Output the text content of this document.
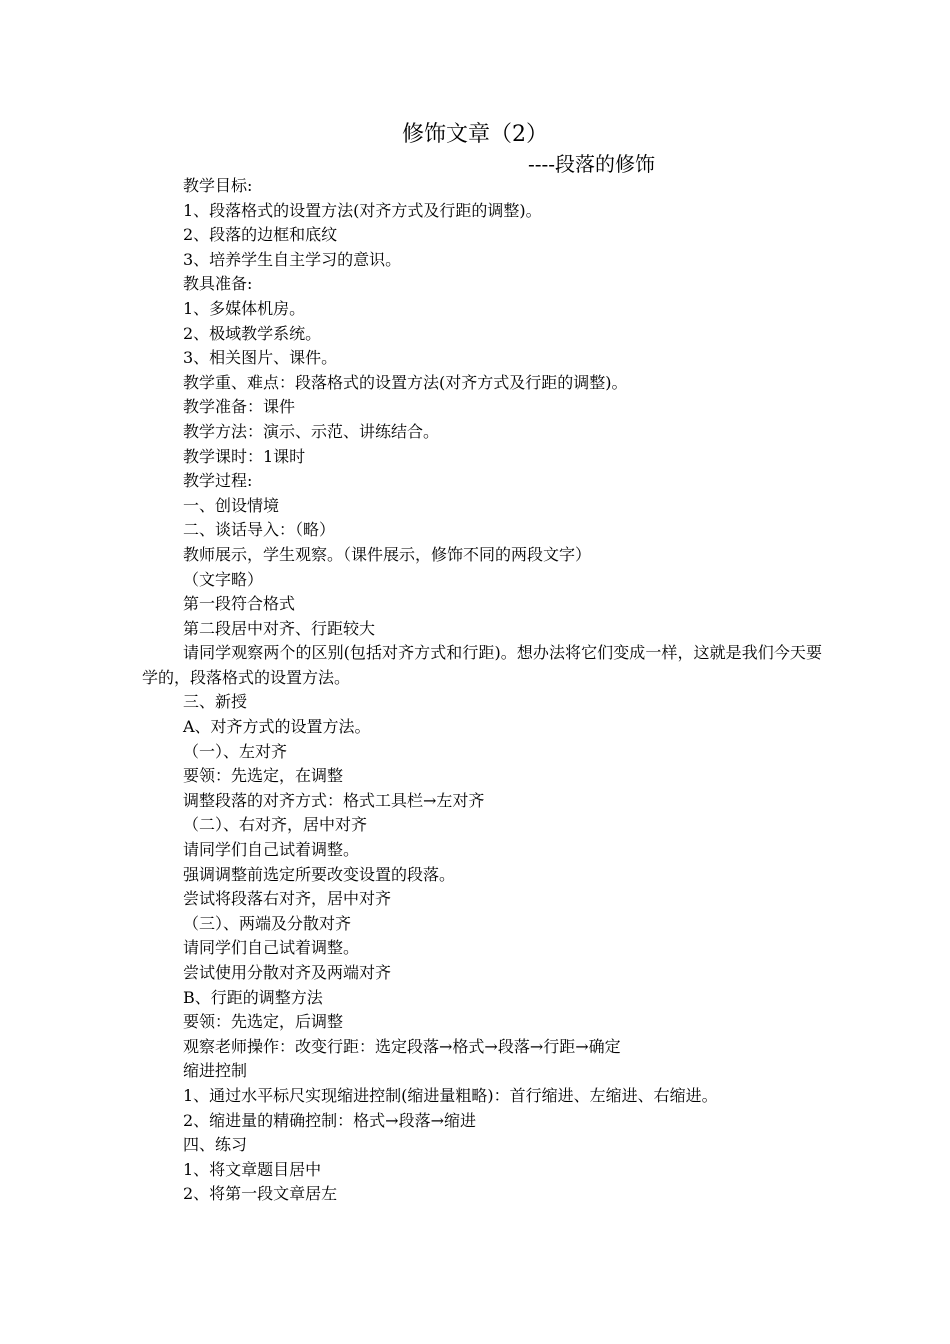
修饰文章（2）
----段落的修饰
教学目标:
1、段落格式的设置方法(对齐方式及行距的调整)。
2、段落的边框和底纹
3、培养学生自主学习的意识。
教具准备:
1、多媒体机房。
2、极域教学系统。
3、相关图片、课件。
教学重、难点：段落格式的设置方法(对齐方式及行距的调整)。
教学准备：课件
教学方法：演示、示范、讲练结合。
教学课时：1课时
教学过程:
一、创设情境
二、谈话导入：（略）
教师展示，学生观察。（课件展示，修饰不同的两段文字）
（文字略）
第一段符合格式
第二段居中对齐、行距较大
请同学观察两个的区别(包括对齐方式和行距)。想办法将它们变成一样，这就是我们今天要学的，段落格式的设置方法。
三、新授
A、对齐方式的设置方法。
（一）、左对齐
要领：先选定，在调整
调整段落的对齐方式：格式工具栏→左对齐
（二）、右对齐，居中对齐
请同学们自己试着调整。
强调调整前选定所要改变设置的段落。
尝试将段落右对齐，居中对齐
（三）、两端及分散对齐
请同学们自己试着调整。
尝试使用分散对齐及两端对齐
B、行距的调整方法
要领：先选定，后调整
观察老师操作：改变行距：选定段落→格式→段落→行距→确定
缩进控制
1、通过水平标尺实现缩进控制(缩进量粗略)：首行缩进、左缩进、右缩进。
2、缩进量的精确控制：格式→段落→缩进
四、练习
1、将文章题目居中
2、将第一段文章居左
